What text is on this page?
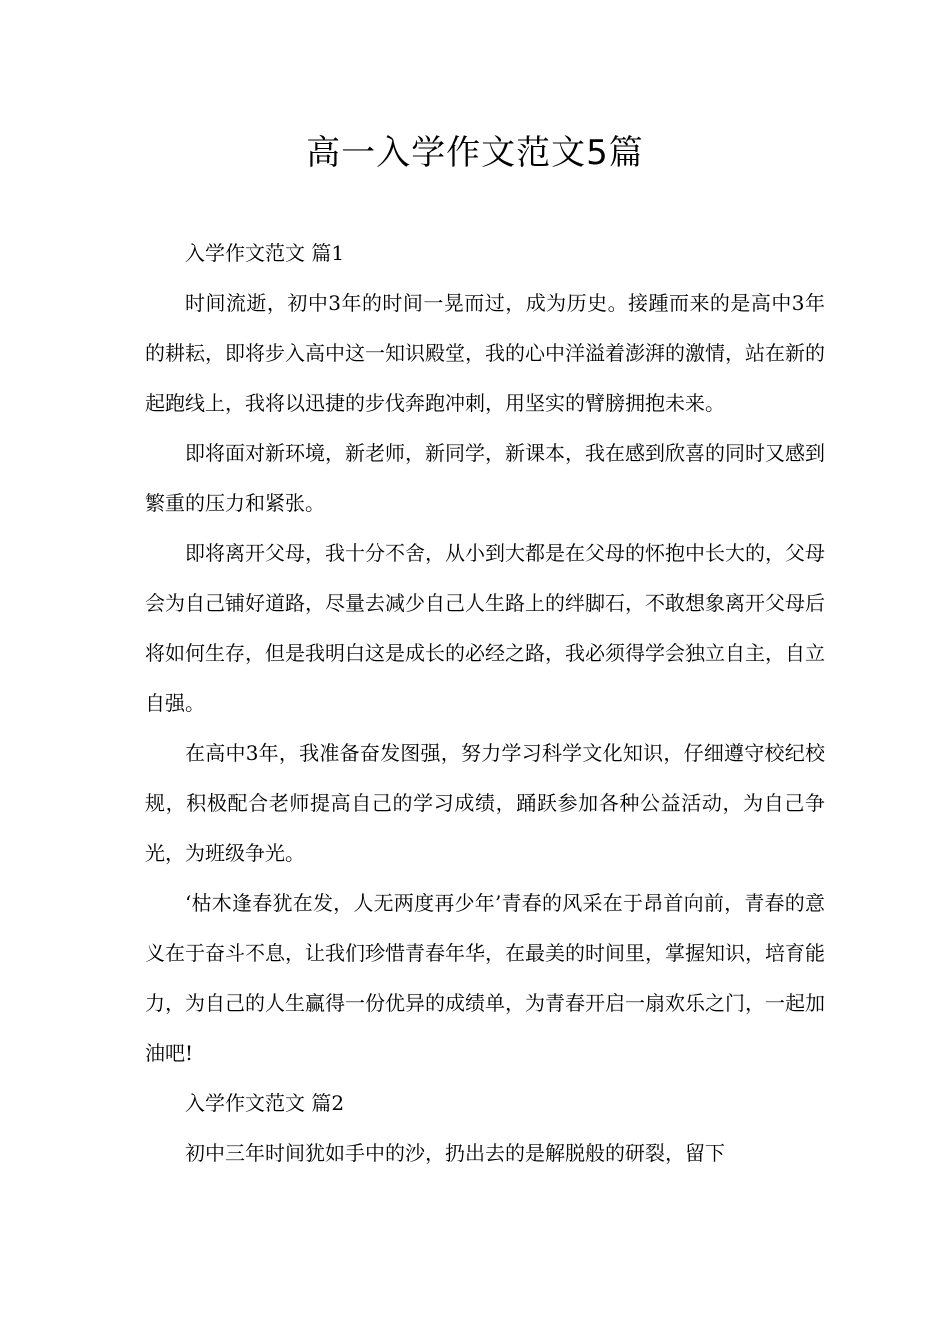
高一入学作文范文5篇

入学作文范文 篇1

时间流逝，初中3年的时间一晃而过，成为历史。接踵而来的是高中3年的耕耘，即将步入高中这一知识殿堂，我的心中洋溢着澎湃的激情，站在新的起跑线上，我将以迅捷的步伐奔跑冲刺，用坚实的臂膀拥抱未来。

即将面对新环境，新老师，新同学，新课本，我在感到欣喜的同时又感到繁重的压力和紧张。

即将离开父母，我十分不舍，从小到大都是在父母的怀抱中长大的，父母会为自己铺好道路，尽量去减少自己人生路上的绊脚石，不敢想象离开父母后将如何生存，但是我明白这是成长的必经之路，我必须得学会独立自主，自立自强。

在高中3年，我准备奋发图强，努力学习科学文化知识，仔细遵守校纪校规，积极配合老师提高自己的学习成绩，踊跃参加各种公益活动，为自己争光，为班级争光。

‘枯木逢春犹在发，人无两度再少年’青春的风采在于昂首向前，青春的意义在于奋斗不息，让我们珍惜青春年华，在最美的时间里，掌握知识，培育能力，为自己的人生赢得一份优异的成绩单，为青春开启一扇欢乐之门，一起加油吧!

入学作文范文 篇2

初中三年时间犹如手中的沙，扔出去的是解脱般的研裂，留下
